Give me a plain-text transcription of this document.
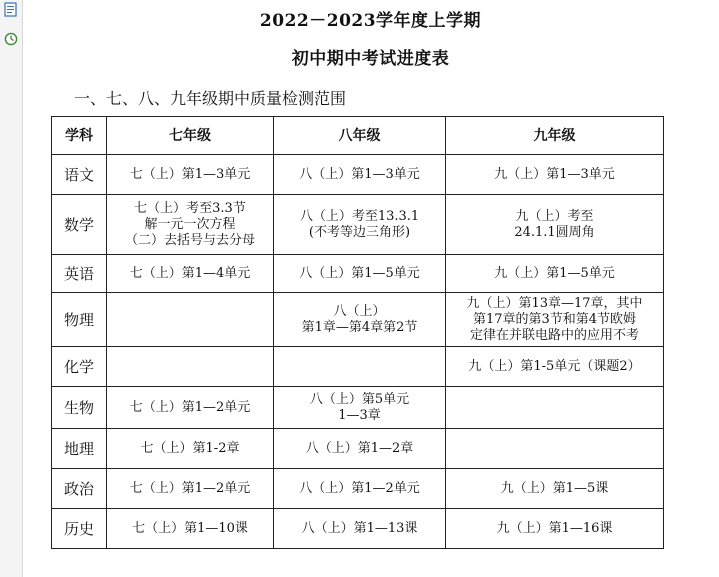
2022－2023学年度上学期
初中期中考试进度表
一、七、八、九年级期中质量检测范围
学科	七年级	八年级	九年级
语文	七（上）第1—3单元	八（上）第1—3单元	九（上）第1—3单元

数学	七（上）考至3.3节
解一元一次方程
（二）去括号与去分母	八（上）考至13.3.1
(不考等边三角形)	九（上）考至
24.1.1圆周角

英语	七（上）第1—4单元	八（上）第1—5单元	九（上）第1—5单元

物理		八（上）
第1章—第4章第2节	九（上）第13章—17章，其中
第17章的第3节和第4节欧姆
定律在并联电路中的应用不考

化学			九（上）第1-5单元（课题2）

生物	七（上）第1—2单元	八（上）第5单元
1—3章	

地理	七（上）第1-2章	八（上）第1—2章	

政治	七（上）第1—2单元	八（上）第1—2单元	九（上）第1—5课

历史	七（上）第1—10课	八（上）第1—13课	九（上）第1—16课
